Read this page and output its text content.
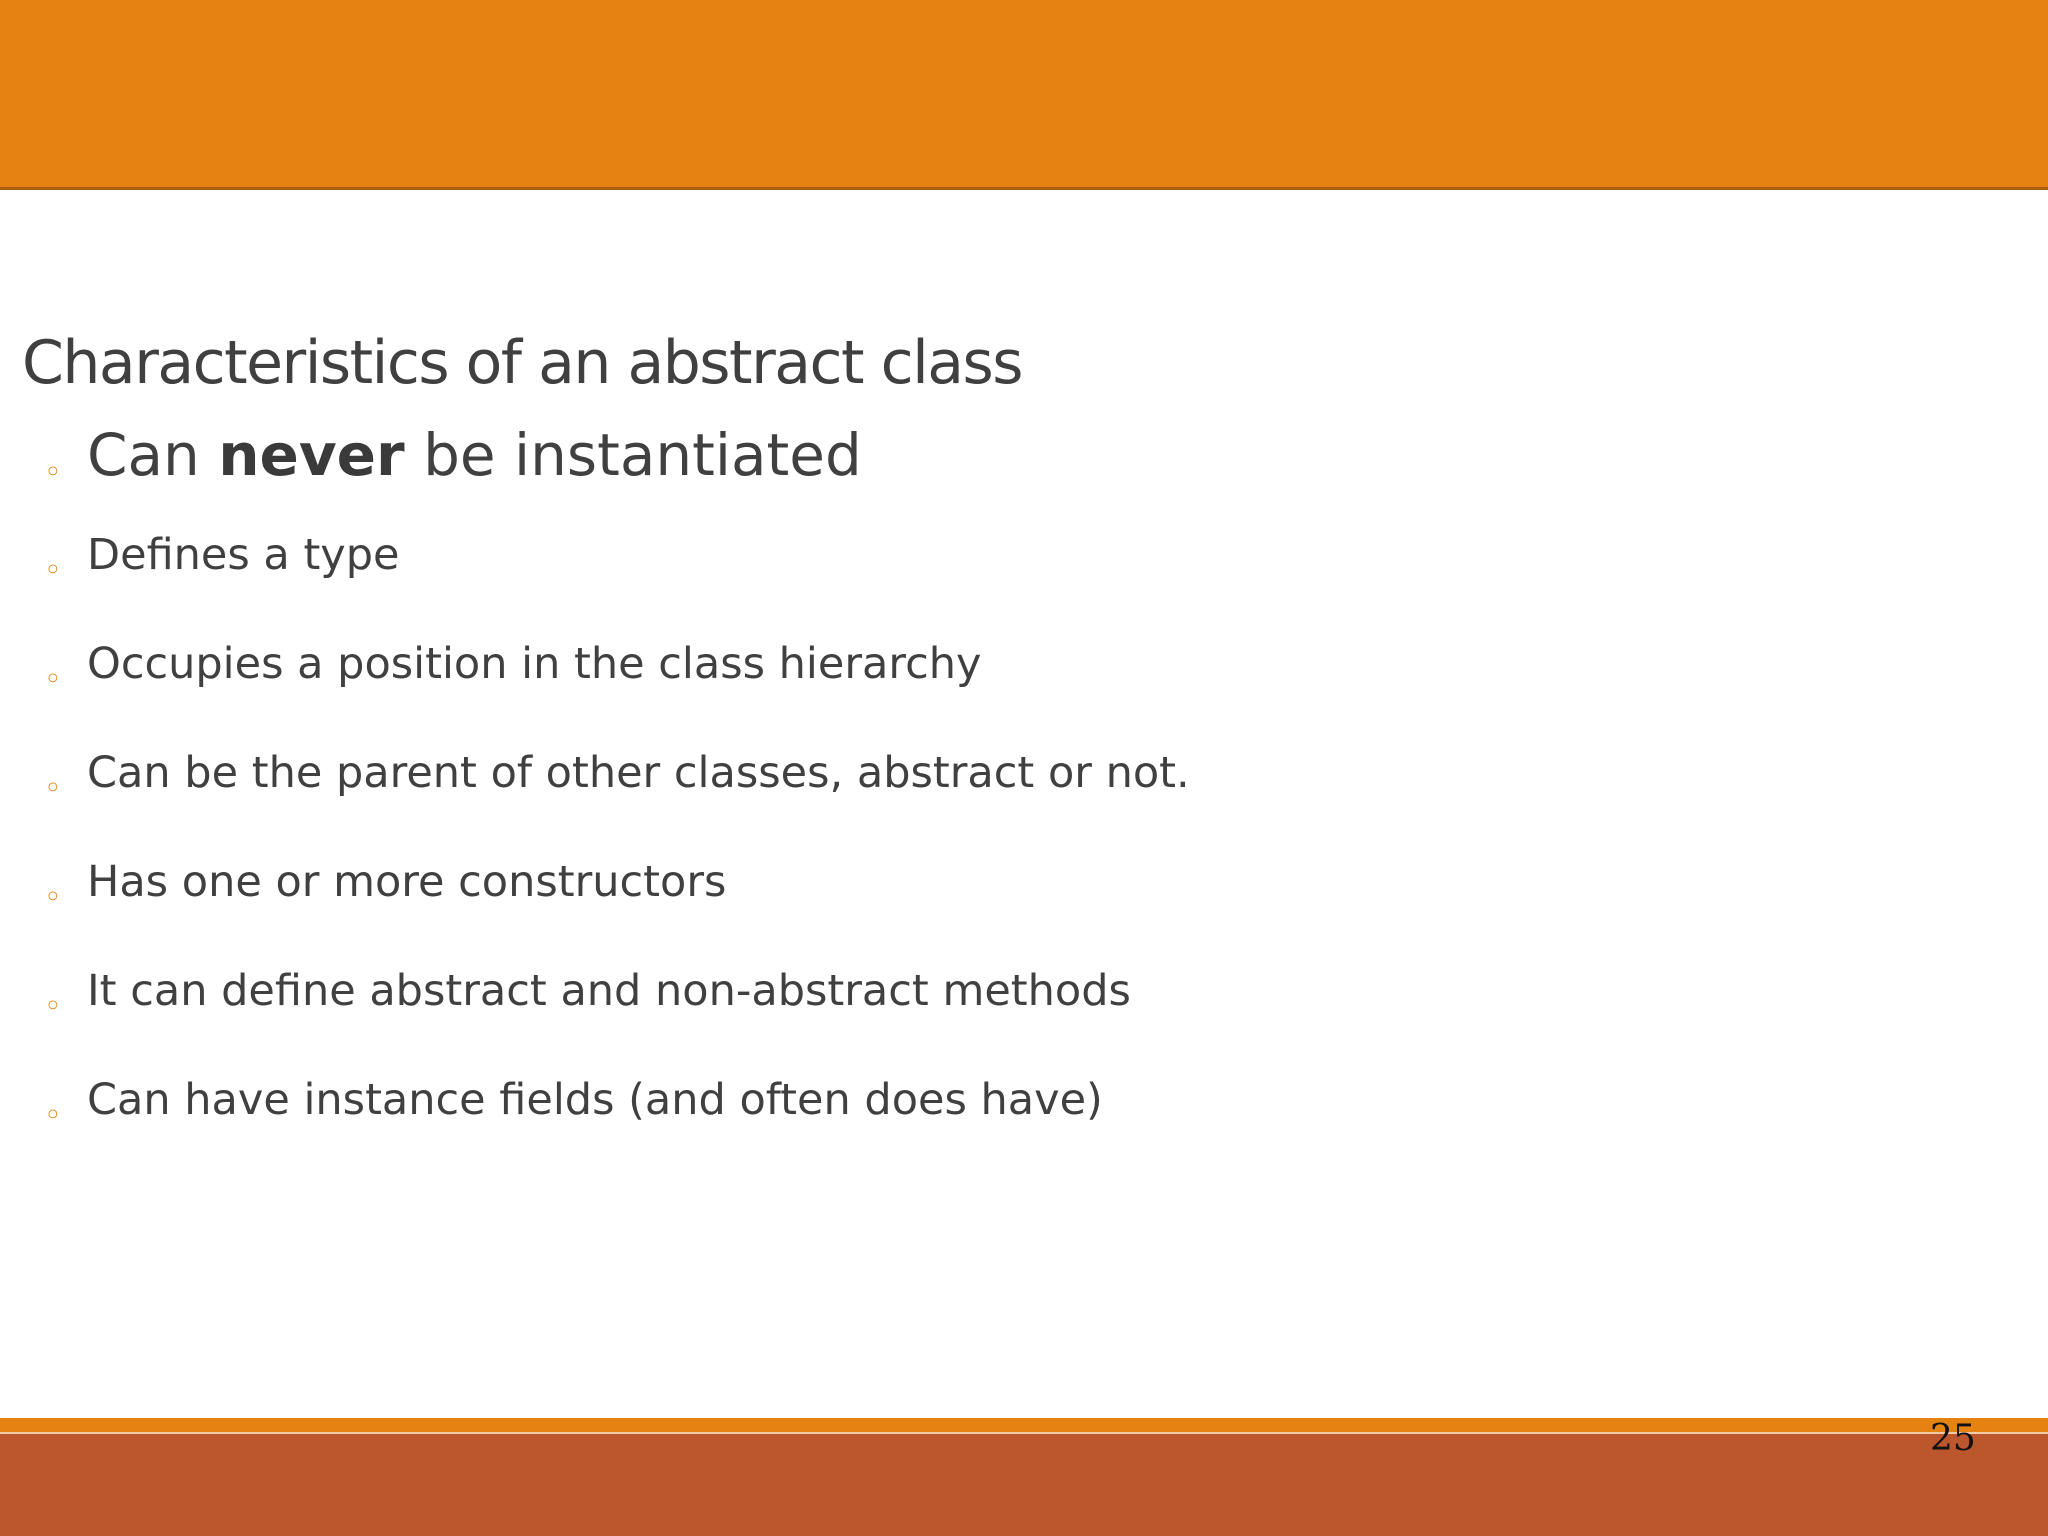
Characteristics of an abstract class
◦ Can never be instantiated
◦ Defines a type
◦ Occupies a position in the class hierarchy
◦ Can be the parent of other classes, abstract or not.
◦ Has one or more constructors
◦ It can define abstract and non-abstract methods
◦ Can have instance fields (and often does have)
25
